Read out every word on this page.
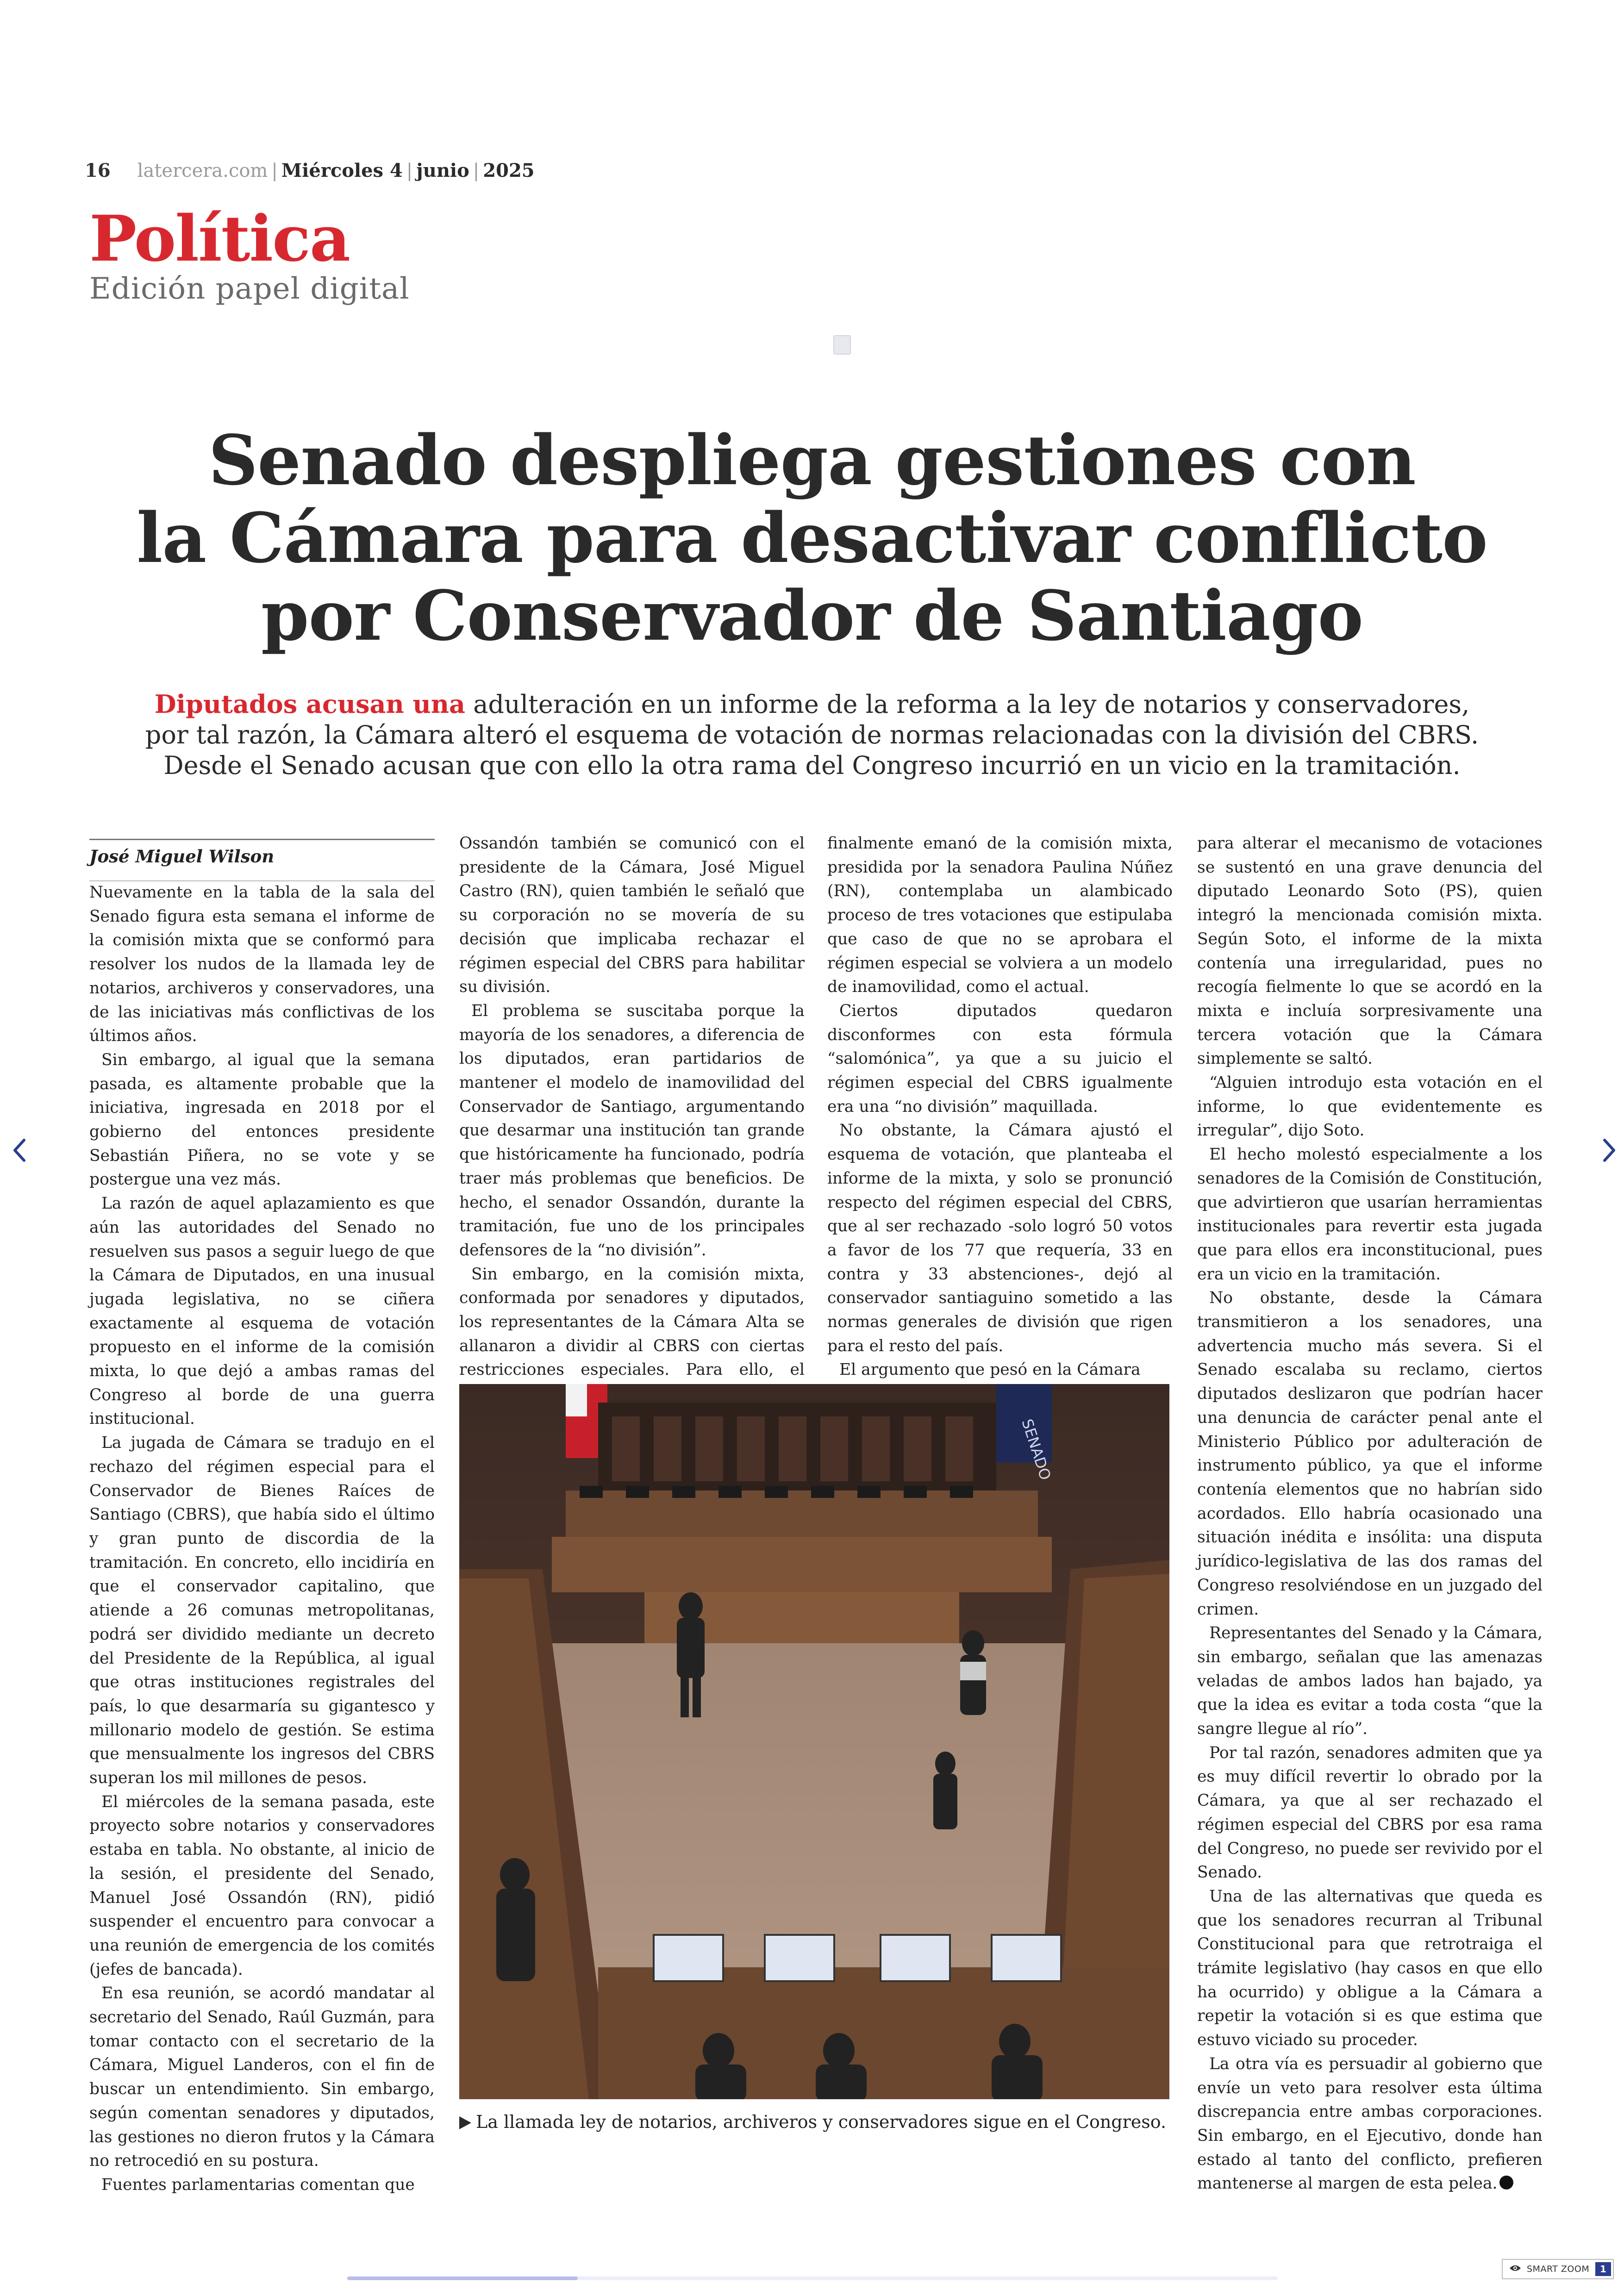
16 latercera.com | Miércoles 4 | junio | 2025
Política
Edición papel digital
Senado despliega gestiones con
la Cámara para desactivar conflicto
por Conservador de Santiago
Diputados acusan una adulteración en un informe de la reforma a la ley de notarios y conservadores,
por tal razón, la Cámara alteró el esquema de votación de normas relacionadas con la división del CBRS.
Desde el Senado acusan que con ello la otra rama del Congreso incurrió en un vicio en la tramitación.
José Miguel Wilson

Nuevamente en la tabla de la sala del Senado figura esta semana el informe de la comisión mixta que se conformó para resolver los nudos de la llamada ley de notarios, archiveros y conservadores, una de las iniciativas más conflictivas de los últimos años.

Sin embargo, al igual que la semana pasada, es altamente probable que la iniciativa, ingresada en 2018 por el gobierno del entonces presidente Sebastián Piñera, no se vote y se postergue una vez más.

La razón de aquel aplazamiento es que aún las autoridades del Senado no resuelven sus pasos a seguir luego de que la Cámara de Diputados, en una inusual jugada legislativa, no se ciñera exactamente al esquema de votación propuesto en el informe de la comisión mixta, lo que dejó a ambas ramas del Congreso al borde de una guerra institucional.

La jugada de Cámara se tradujo en el rechazo del régimen especial para el Conservador de Bienes Raíces de Santiago (CBRS), que había sido el último y gran punto de discordia de la tramitación. En concreto, ello incidiría en que el conservador capitalino, que atiende a 26 comunas metropolitanas, podrá ser dividido mediante un decreto del Presidente de la República, al igual que otras instituciones registrales del país, lo que desarmaría su gigantesco y millonario modelo de gestión. Se estima que mensualmente los ingresos del CBRS superan los mil millones de pesos.

El miércoles de la semana pasada, este proyecto sobre notarios y conservadores estaba en tabla. No obstante, al inicio de la sesión, el presidente del Senado, Manuel José Ossandón (RN), pidió suspender el encuentro para convocar a una reunión de emergencia de los comités (jefes de bancada).

En esa reunión, se acordó mandatar al secretario del Senado, Raúl Guzmán, para tomar contacto con el secretario de la Cámara, Miguel Landeros, con el fin de buscar un entendimiento. Sin embargo, según comentan senadores y diputados, las gestiones no dieron frutos y la Cámara no retrocedió en su postura.

Fuentes parlamentarias comentan que

Ossandón también se comunicó con el presidente de la Cámara, José Miguel Castro (RN), quien también le señaló que su corporación no se movería de su decisión que implicaba rechazar el régimen especial del CBRS para habilitar su división.

El problema se suscitaba porque la mayoría de los senadores, a diferencia de los diputados, eran partidarios de mantener el modelo de inamovilidad del Conservador de Santiago, argumentando que desarmar una institución tan grande que históricamente ha funcionado, podría traer más problemas que beneficios. De hecho, el senador Ossandón, durante la tramitación, fue uno de los principales defensores de la “no división”.

Sin embargo, en la comisión mixta, conformada por senadores y diputados, los representantes de la Cámara Alta se allanaron a dividir al CBRS con ciertas restricciones especiales. Para ello, el

finalmente emanó de la comisión mixta, presidida por la senadora Paulina Núñez (RN), contemplaba un alambicado proceso de tres votaciones que estipulaba que caso de que no se aprobara el régimen especial se volviera a un modelo de inamovilidad, como el actual.

Ciertos diputados quedaron disconformes con esta fórmula “salomónica”, ya que a su juicio el régimen especial del CBRS igualmente era una “no división” maquillada.

No obstante, la Cámara ajustó el esquema de votación, que planteaba el informe de la mixta, y solo se pronunció respecto del régimen especial del CBRS, que al ser rechazado -solo logró 50 votos a favor de los 77 que requería, 33 en contra y 33 abstenciones-, dejó al conservador santiaguino sometido a las normas generales de división que rigen para el resto del país.

El argumento que pesó en la Cámara

para alterar el mecanismo de votaciones se sustentó en una grave denuncia del diputado Leonardo Soto (PS), quien integró la mencionada comisión mixta. Según Soto, el informe de la mixta contenía una irregularidad, pues no recogía fielmente lo que se acordó en la mixta e incluía sorpresivamente una tercera votación que la Cámara simplemente se saltó.

“Alguien introdujo esta votación en el informe, lo que evidentemente es irregular”, dijo Soto.

El hecho molestó especialmente a los senadores de la Comisión de Constitución, que advirtieron que usarían herramientas institucionales para revertir esta jugada que para ellos era inconstitucional, pues era un vicio en la tramitación.

No obstante, desde la Cámara transmitieron a los senadores, una advertencia mucho más severa. Si el Senado escalaba su reclamo, ciertos diputados deslizaron que podrían hacer una denuncia de carácter penal ante el Ministerio Público por adulteración de instrumento público, ya que el informe contenía elementos que no habrían sido acordados. Ello habría ocasionado una situación inédita e insólita: una disputa jurídico-legislativa de las dos ramas del Congreso resolviéndose en un juzgado del crimen.

Representantes del Senado y la Cámara, sin embargo, señalan que las amenazas veladas de ambos lados han bajado, ya que la idea es evitar a toda costa “que la sangre llegue al río”.

Por tal razón, senadores admiten que ya es muy difícil revertir lo obrado por la Cámara, ya que al ser rechazado el régimen especial del CBRS por esa rama del Congreso, no puede ser revivido por el Senado.

Una de las alternativas que queda es que los senadores recurran al Tribunal Constitucional para que retrotraiga el trámite legislativo (hay casos en que ello ha ocurrido) y obligue a la Cámara a repetir la votación si es que estima que estuvo viciado su proceder.

La otra vía es persuadir al gobierno que envíe un veto para resolver esta última discrepancia entre ambas corporaciones. Sin embargo, en el Ejecutivo, donde han estado al tanto del conflicto, prefieren mantenerse al margen de esta pelea.

SENADO
La llamada ley de notarios, archiveros y conservadores sigue en el Congreso.
SMART ZOOM	1
